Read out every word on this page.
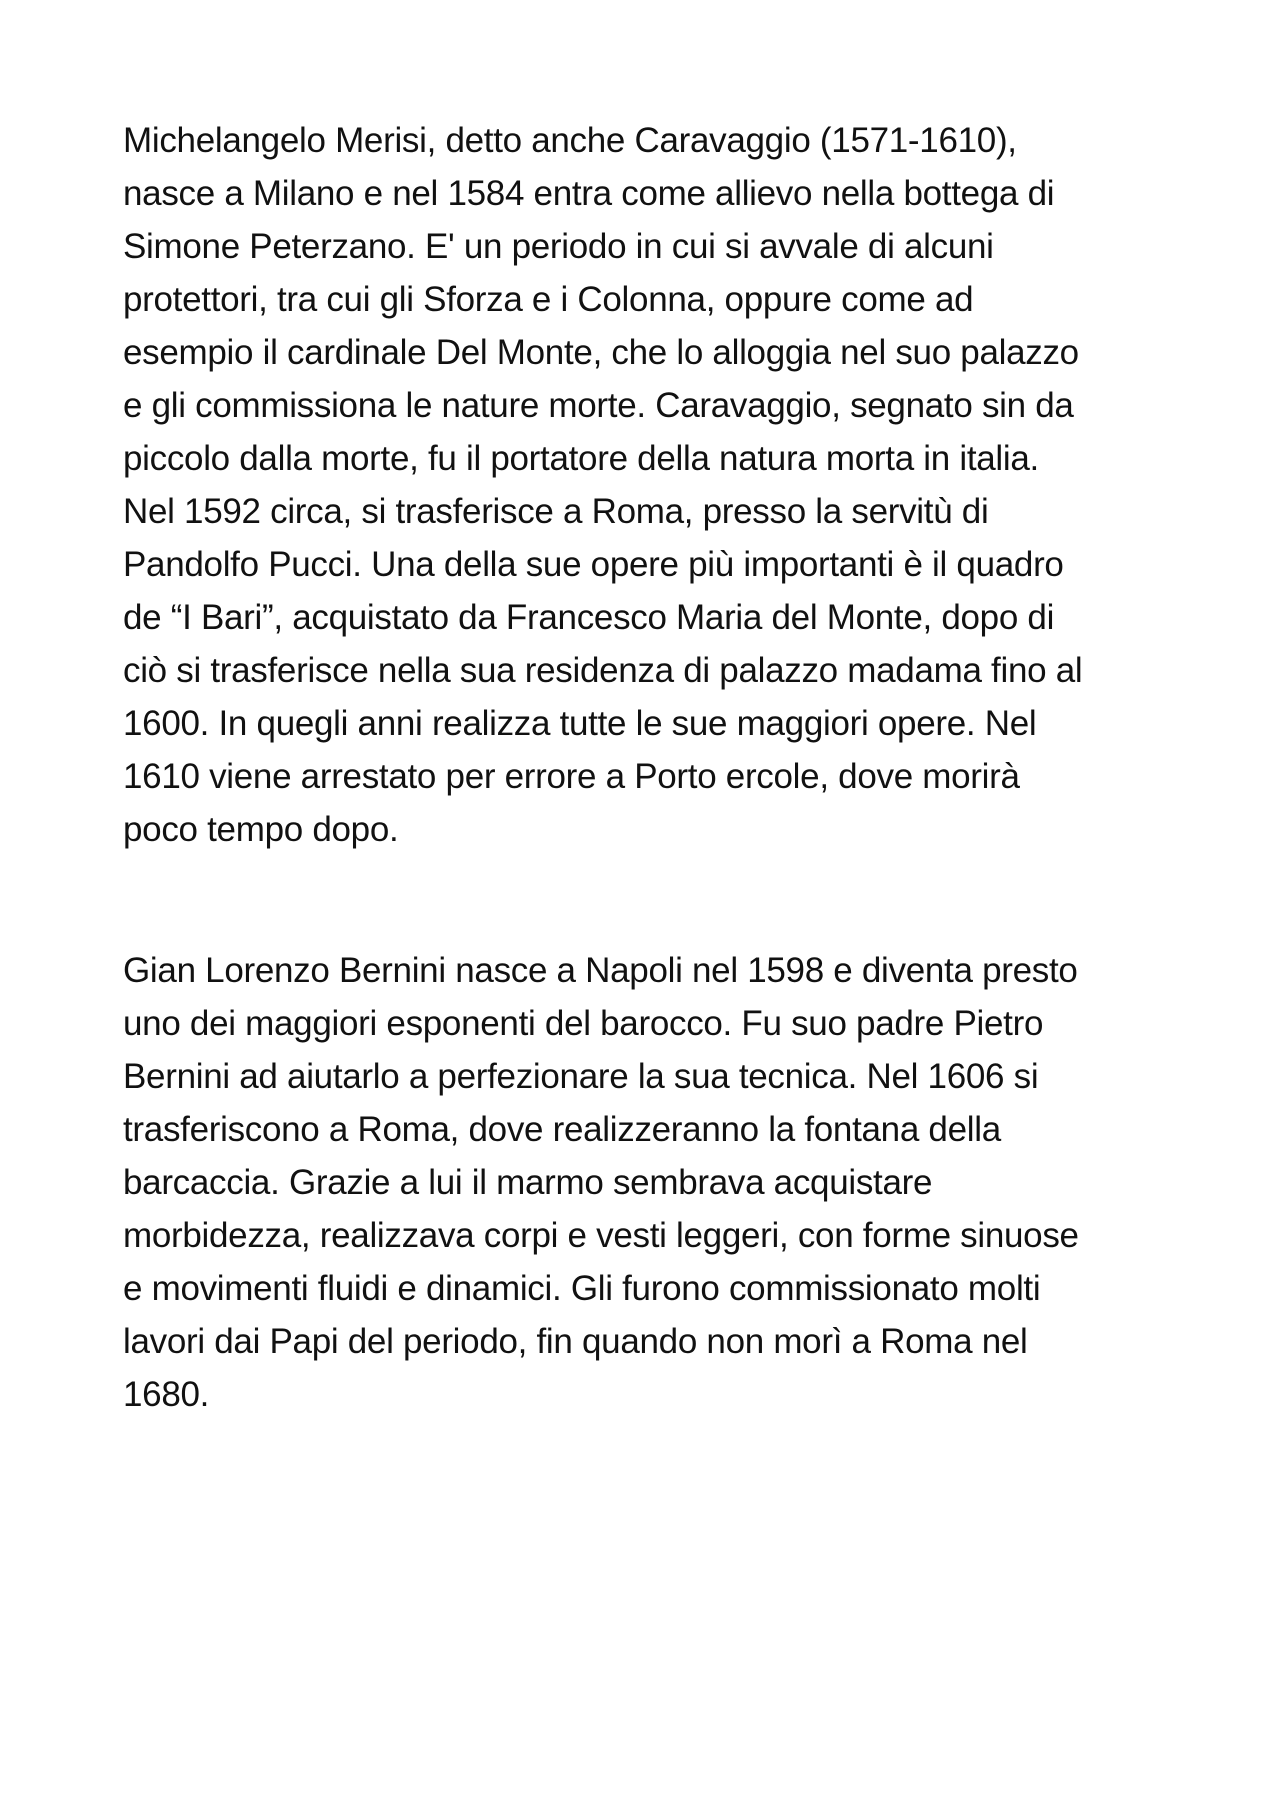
Michelangelo Merisi, detto anche Caravaggio (1571-1610),
nasce a Milano e nel 1584 entra come allievo nella bottega di
Simone Peterzano. E' un periodo in cui si avvale di alcuni
protettori, tra cui gli Sforza e i Colonna, oppure come ad
esempio il cardinale Del Monte, che lo alloggia nel suo palazzo
e gli commissiona le nature morte. Caravaggio, segnato sin da
piccolo dalla morte, fu il portatore della natura morta in italia.
Nel 1592 circa, si trasferisce a Roma, presso la servitù di
Pandolfo Pucci. Una della sue opere più importanti è il quadro
de “I Bari”, acquistato da Francesco Maria del Monte, dopo di
ciò si trasferisce nella sua residenza di palazzo madama fino al
1600. In quegli anni realizza tutte le sue maggiori opere. Nel
1610 viene arrestato per errore a Porto ercole, dove morirà
poco tempo dopo.
Gian Lorenzo Bernini nasce a Napoli nel 1598 e diventa presto
uno dei maggiori esponenti del barocco. Fu suo padre Pietro
Bernini ad aiutarlo a perfezionare la sua tecnica. Nel 1606 si
trasferiscono a Roma, dove realizzeranno la fontana della
barcaccia. Grazie a lui il marmo sembrava acquistare
morbidezza, realizzava corpi e vesti leggeri, con forme sinuose
e movimenti fluidi e dinamici. Gli furono commissionato molti
lavori dai Papi del periodo, fin quando non morì a Roma nel
1680.
